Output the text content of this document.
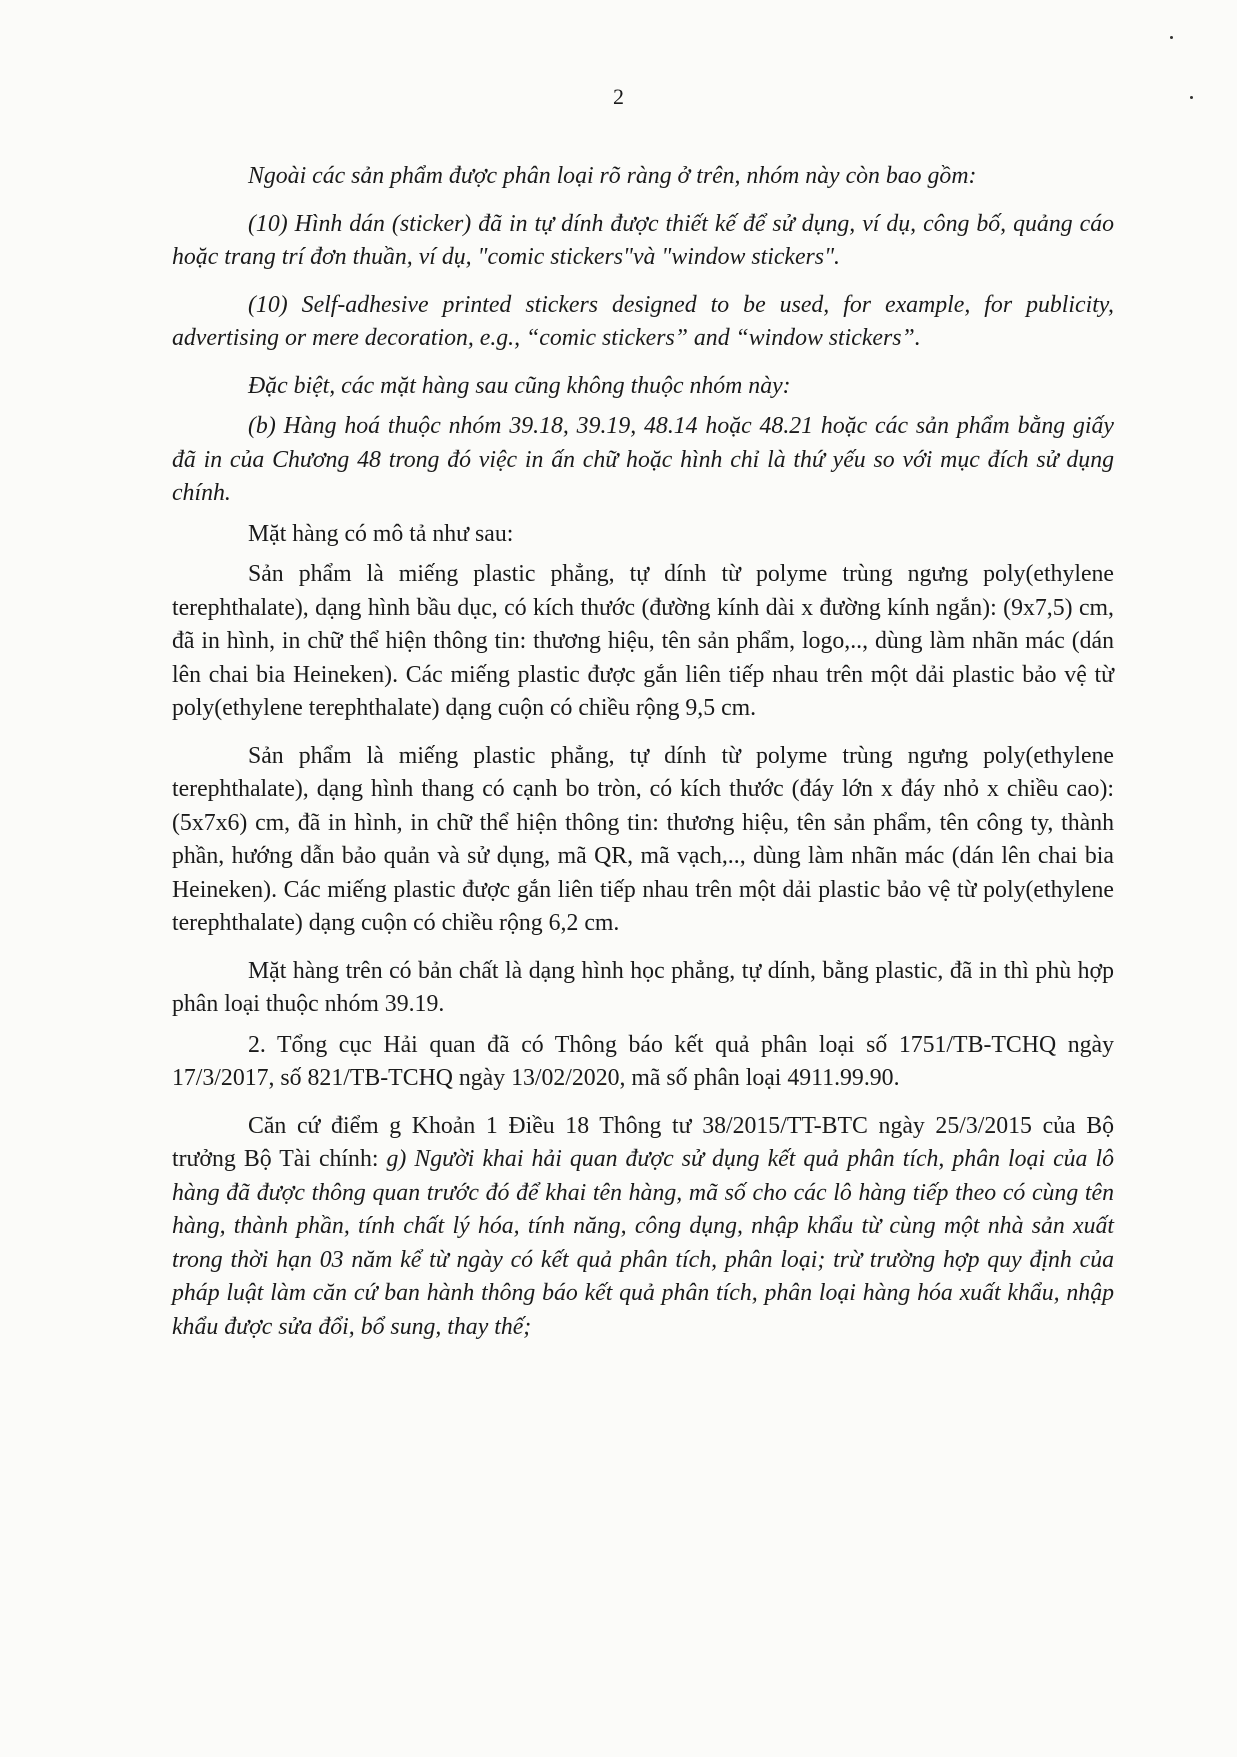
2

Ngoài các sản phẩm được phân loại rõ ràng ở trên, nhóm này còn bao gồm:

(10) Hình dán (sticker) đã in tự dính được thiết kế để sử dụng, ví dụ, công bố, quảng cáo hoặc trang trí đơn thuần, ví dụ, "comic stickers"và "window stickers".

(10) Self-adhesive printed stickers designed to be used, for example, for publicity, advertising or mere decoration, e.g., “comic stickers” and “window stickers”.

Đặc biệt, các mặt hàng sau cũng không thuộc nhóm này:

(b) Hàng hoá thuộc nhóm 39.18, 39.19, 48.14 hoặc 48.21 hoặc các sản phẩm bằng giấy đã in của Chương 48 trong đó việc in ấn chữ hoặc hình chỉ là thứ yếu so với mục đích sử dụng chính.

Mặt hàng có mô tả như sau:

Sản phẩm là miếng plastic phẳng, tự dính từ polyme trùng ngưng poly(ethylene terephthalate), dạng hình bầu dục, có kích thước (đường kính dài x đường kính ngắn): (9x7,5) cm, đã in hình, in chữ thể hiện thông tin: thương hiệu, tên sản phẩm, logo,.., dùng làm nhãn mác (dán lên chai bia Heineken). Các miếng plastic được gắn liên tiếp nhau trên một dải plastic bảo vệ từ poly(ethylene terephthalate) dạng cuộn có chiều rộng 9,5 cm.

Sản phẩm là miếng plastic phẳng, tự dính từ polyme trùng ngưng poly(ethylene terephthalate), dạng hình thang có cạnh bo tròn, có kích thước (đáy lớn x đáy nhỏ x chiều cao): (5x7x6) cm, đã in hình, in chữ thể hiện thông tin: thương hiệu, tên sản phẩm, tên công ty, thành phần, hướng dẫn bảo quản và sử dụng, mã QR, mã vạch,.., dùng làm nhãn mác (dán lên chai bia Heineken). Các miếng plastic được gắn liên tiếp nhau trên một dải plastic bảo vệ từ poly(ethylene terephthalate) dạng cuộn có chiều rộng 6,2 cm.

Mặt hàng trên có bản chất là dạng hình học phẳng, tự dính, bằng plastic, đã in thì phù hợp phân loại thuộc nhóm 39.19.

2. Tổng cục Hải quan đã có Thông báo kết quả phân loại số 1751/TB-TCHQ ngày 17/3/2017, số 821/TB-TCHQ ngày 13/02/2020, mã số phân loại 4911.99.90.

Căn cứ điểm g Khoản 1 Điều 18 Thông tư 38/2015/TT-BTC ngày 25/3/2015 của Bộ trưởng Bộ Tài chính: g) Người khai hải quan được sử dụng kết quả phân tích, phân loại của lô hàng đã được thông quan trước đó để khai tên hàng, mã số cho các lô hàng tiếp theo có cùng tên hàng, thành phần, tính chất lý hóa, tính năng, công dụng, nhập khẩu từ cùng một nhà sản xuất trong thời hạn 03 năm kể từ ngày có kết quả phân tích, phân loại; trừ trường hợp quy định của pháp luật làm căn cứ ban hành thông báo kết quả phân tích, phân loại hàng hóa xuất khẩu, nhập khẩu được sửa đổi, bổ sung, thay thế;
